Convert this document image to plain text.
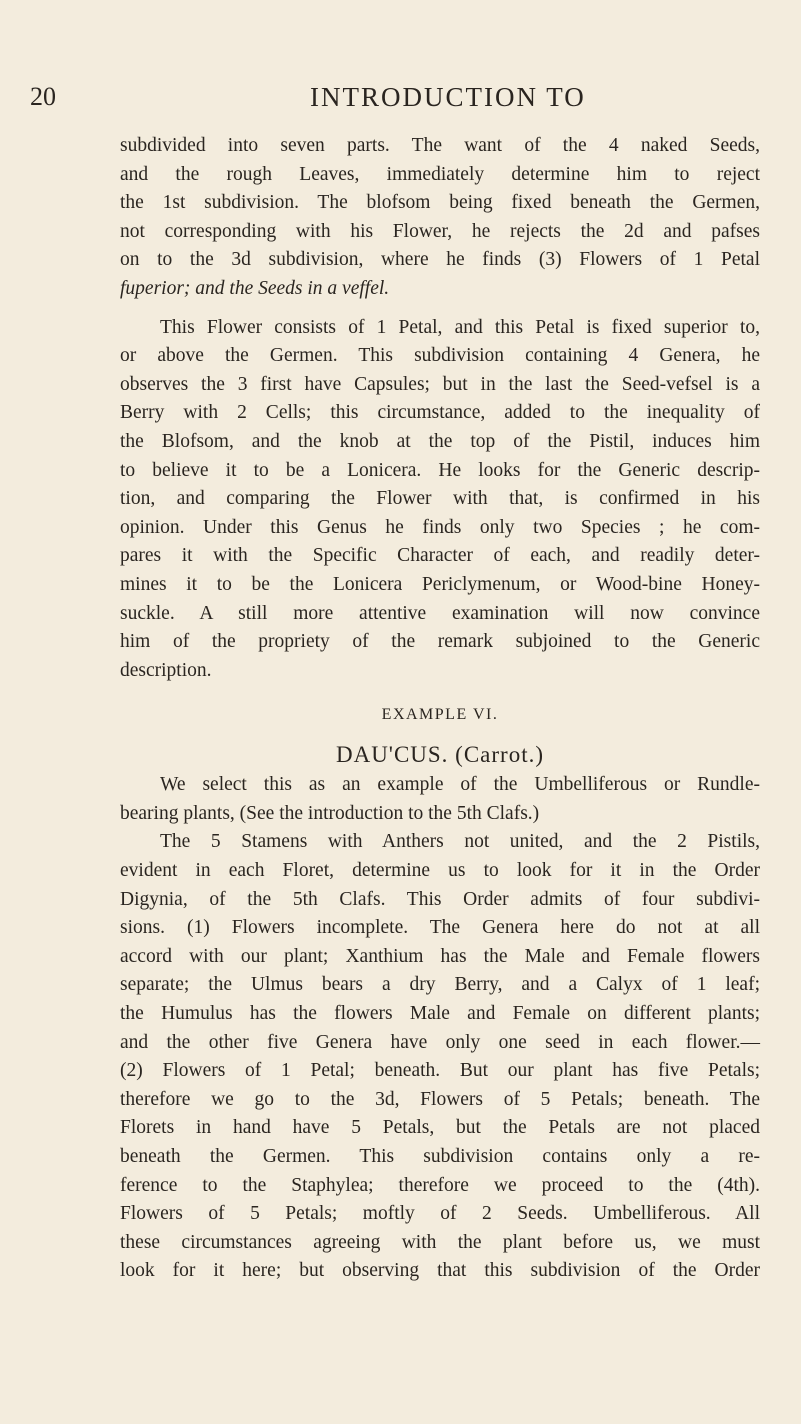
20	INTRODUCTION TO
subdivided into seven parts. The want of the 4 naked Seeds,
and the rough Leaves, immediately determine him to reject
the 1st subdivision. The blofsom being fixed beneath the Germen,
not corresponding with his Flower, he rejects the 2d and pafses
on to the 3d subdivision, where he finds (3) Flowers of 1 Petal
fuperior; and the Seeds in a veffel.
This Flower consists of 1 Petal, and this Petal is fixed superior to,
or above the Germen. This subdivision containing 4 Genera, he
observes the 3 first have Capsules; but in the last the Seed-vefsel is a
Berry with 2 Cells; this circumstance, added to the inequality of
the Blofsom, and the knob at the top of the Pistil, induces him
to believe it to be a Lonicera. He looks for the Generic descrip-
tion, and comparing the Flower with that, is confirmed in his
opinion. Under this Genus he finds only two Species ; he com-
pares it with the Specific Character of each, and readily deter-
mines it to be the Lonicera Periclymenum, or Wood-bine Honey-
suckle. A still more attentive examination will now convince
him of the propriety of the remark subjoined to the Generic
description.
EXAMPLE VI.
DAU'CUS. (Carrot.)
We select this as an example of the Umbelliferous or Rundle-
bearing plants, (See the introduction to the 5th Clafs.)
The 5 Stamens with Anthers not united, and the 2 Pistils,
evident in each Floret, determine us to look for it in the Order
Digynia, of the 5th Clafs. This Order admits of four subdivi-
sions. (1) Flowers incomplete. The Genera here do not at all
accord with our plant; Xanthium has the Male and Female flowers
separate; the Ulmus bears a dry Berry, and a Calyx of 1 leaf;
the Humulus has the flowers Male and Female on different plants;
and the other five Genera have only one seed in each flower.—
(2) Flowers of 1 Petal; beneath. But our plant has five Petals;
therefore we go to the 3d, Flowers of 5 Petals; beneath. The
Florets in hand have 5 Petals, but the Petals are not placed
beneath the Germen. This subdivision contains only a re-
ference to the Staphylea; therefore we proceed to the (4th).
Flowers of 5 Petals; moftly of 2 Seeds. Umbelliferous. All
these circumstances agreeing with the plant before us, we must
look for it here; but observing that this subdivision of the Order
